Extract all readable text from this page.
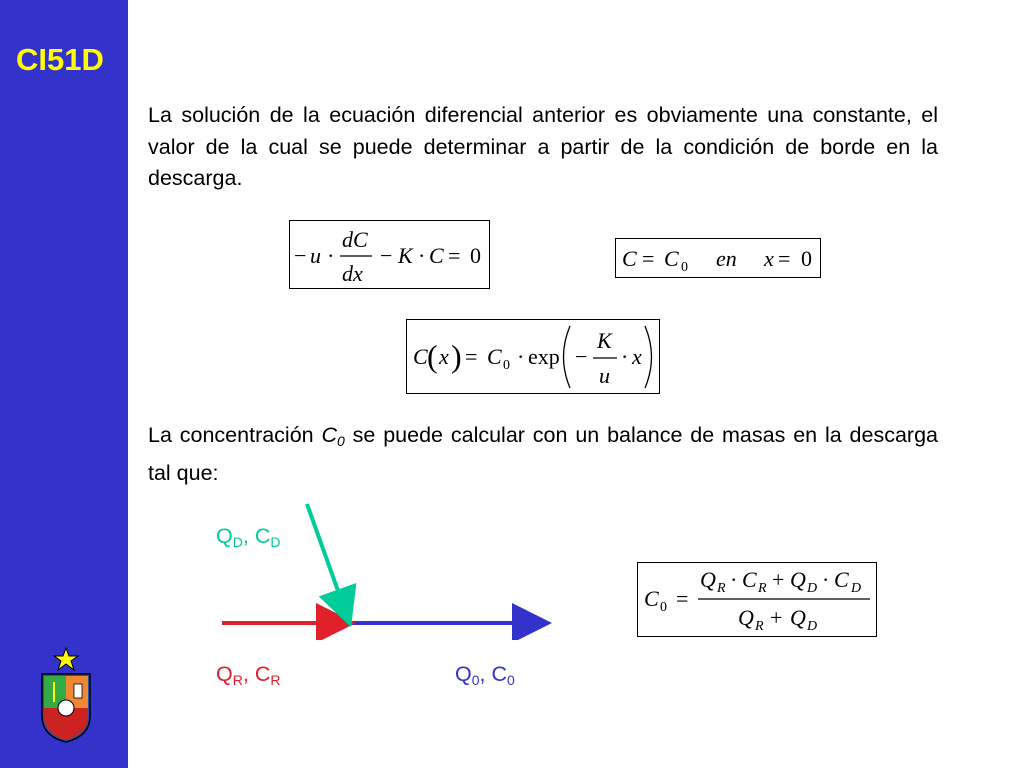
CI51D

La solución de la ecuación diferencial anterior es obviamente una constante, el valor de la cual se puede determinar a partir de la condición de borde en la descarga.

− u ·
dC
dx
− K · C = 0	C = C 0 en x = 0
C ( x ) = C 0 · exp −
K
u
· x

La concentración C0 se puede calcular con un balance de masas en la descarga tal que:

$Q_D$, $C_D$
$Q_R$, $C_R$	$Q_0$, $C_0$
C 0 =
Q R · C R + Q D · C D
Q R + Q D
